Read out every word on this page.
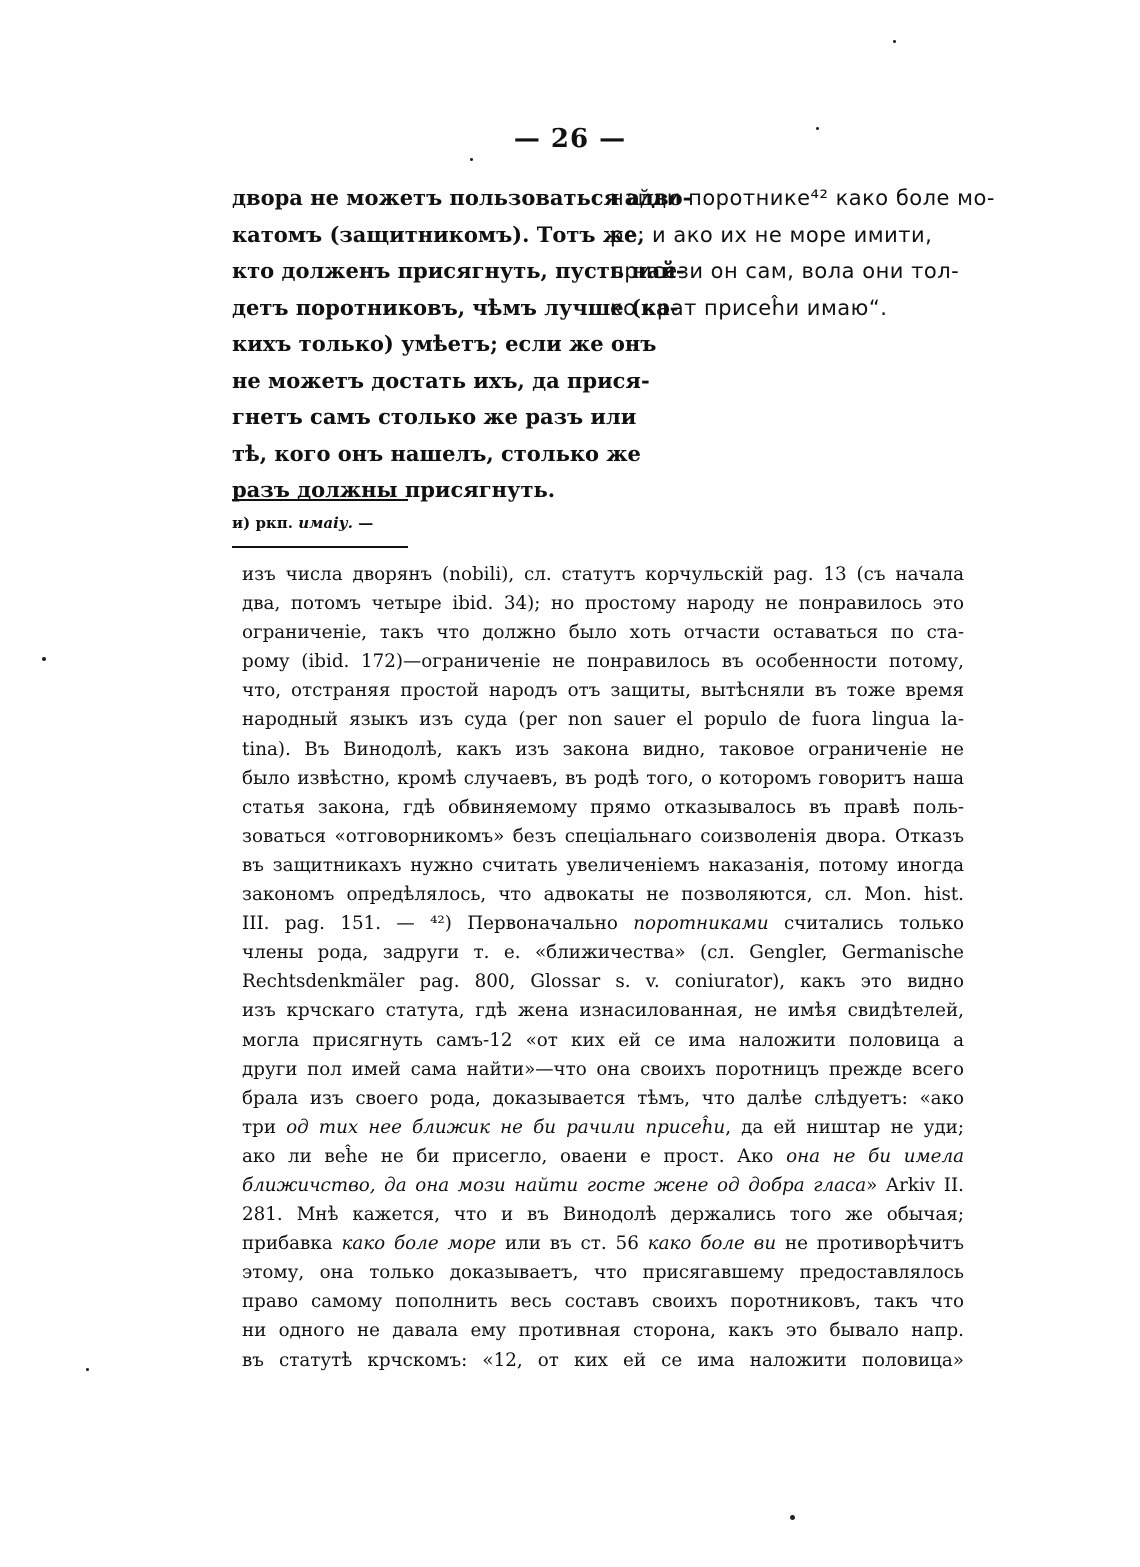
— 26 —
двора не можетъ пользоваться адво-
катомъ (защитникомъ). Тотъ же,
кто долженъ присягнуть, пусть най-
детъ поротниковъ, чѣмъ лучше (ка-
кихъ только) умѣетъ; если же онъ
не можетъ достать ихъ, да прися-
гнетъ самъ столько же разъ или
тѣ, кого онъ нашелъ, столько же
разъ должны присягнуть.
найди поротнике⁴² како боле мо-
ре; и ако их не море имити,
присези он сам, вола они тол-
ко крат присеĥи имаю“.
и) ркп. имаіу. —
изъ числа дворянъ (nobili), сл. статутъ корчульскій pag. 13 (съ начала
два, потомъ четыре ibid. 34); но простому народу не понравилось это
ограниченіе, такъ что должно было хоть отчасти оставаться по ста-
рому (ibid. 172)—ограниченіе не понравилось въ особенности потому,
что, отстраняя простой народъ отъ защиты, вытѣсняли въ тоже время
народный языкъ изъ суда (per non sauer el populo de fuora lingua la-
tina). Въ Винодолѣ, какъ изъ закона видно, таковое ограниченіе не
было извѣстно, кромѣ случаевъ, въ родѣ того, о которомъ говоритъ наша
статья закона, гдѣ обвиняемому прямо отказывалось въ правѣ поль-
зоваться «отговорникомъ» безъ спеціальнаго соизволенія двора. Отказъ
въ защитникахъ нужно считать увеличеніемъ наказанія, потому иногда
закономъ опредѣлялось, что адвокаты не позволяются, сл. Mon. hist.
III. pag. 151. — ⁴²) Первоначально поротниками считались только
члены рода, задруги т. е. «ближичества» (сл. Gengler, Germanische
Rechtsdenkmäler pag. 800, Glossar s. v. coniurator), какъ это видно
изъ крчскаго статута, гдѣ жена изнасилованная, не имѣя свидѣтелей,
могла присягнуть самъ-12 «от ких ей се има наложити половица а
други пол имей сама найти»—что она своихъ поротницъ прежде всего
брала изъ своего рода, доказывается тѣмъ, что далѣе слѣдуетъ: «ако
три од тих нее ближик не би рачили присеĥи, да ей ништар не уди;
ако ли веĥе не би присегло, оваени е прост. Ако она не би имела
ближичство, да она мози найти госте жене од добра гласа» Arkiv II.
281. Мнѣ кажется, что и въ Винодолѣ держались того же обычая;
прибавка како боле море или въ ст. 56 како боле ви не противорѣчитъ
этому, она только доказываетъ, что присягавшему предоставлялось
право самому пополнить весь составъ своихъ поротниковъ, такъ что
ни одного не давала ему противная сторона, какъ это бывало напр.
въ статутѣ крчскомъ: «12, от ких ей се има наложити половица»
